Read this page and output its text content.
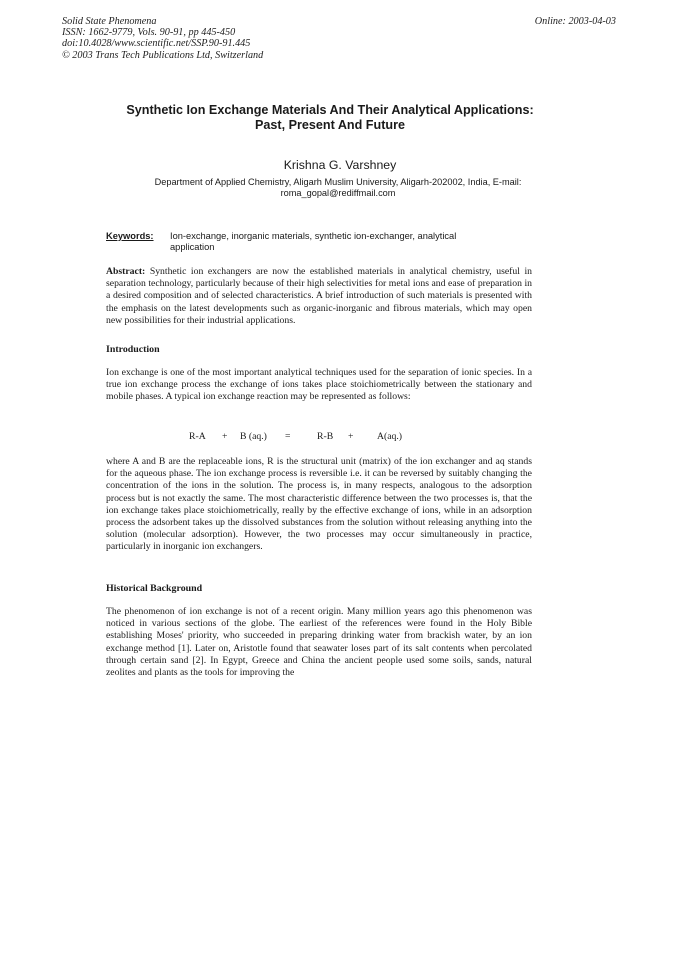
Solid State Phenomena
ISSN: 1662-9779, Vols. 90-91, pp 445-450
doi:10.4028/www.scientific.net/SSP.90-91.445
© 2003 Trans Tech Publications Ltd, Switzerland
Online: 2003-04-03
Synthetic Ion Exchange Materials And Their Analytical Applications:
Past, Present And Future
Krishna G. Varshney
Department of Applied Chemistry, Aligarh Muslim University, Aligarh-202002, India, E-mail:
roma_gopal@rediffmail.com
Keywords: Ion-exchange, inorganic materials, synthetic ion-exchanger, analytical application
Abstract: Synthetic ion exchangers are now the established materials in analytical chemistry, useful in separation technology, particularly because of their high selectivities for metal ions and ease of preparation in a desired composition and of selected characteristics. A brief introduction of such materials is presented with the emphasis on the latest developments such as organic-inorganic and fibrous materials, which may open new possibilities for their industrial applications.
Introduction
Ion exchange is one of the most important analytical techniques used for the separation of ionic species. In a true ion exchange process the exchange of ions takes place stoichiometrically between the stationary and mobile phases. A typical ion exchange reaction may be represented as follows:
R-A + B (aq.) =	R-B + A(aq.)
where A and B are the replaceable ions, R is the structural unit (matrix) of the ion exchanger and aq stands for the aqueous phase. The ion exchange process is reversible i.e. it can be reversed by suitably changing the concentration of the ions in the solution. The process is, in many respects, analogous to the adsorption process but is not exactly the same. The most characteristic difference between the two processes is, that the ion exchange takes place stoichiometrically, really by the effective exchange of ions, while in an adsorption process the adsorbent takes up the dissolved substances from the solution without releasing anything into the solution (molecular adsorption). However, the two processes may occur simultaneously in practice, particularly in inorganic ion exchangers.
Historical Background
The phenomenon of ion exchange is not of a recent origin. Many million years ago this phenomenon was noticed in various sections of the globe. The earliest of the references were found in the Holy Bible establishing Moses' priority, who succeeded in preparing drinking water from brackish water, by an ion exchange method [1]. Later on, Aristotle found that seawater loses part of its salt contents when percolated through certain sand [2]. In Egypt, Greece and China the ancient people used some soils, sands, natural zeolites and plants as the tools for improving the
